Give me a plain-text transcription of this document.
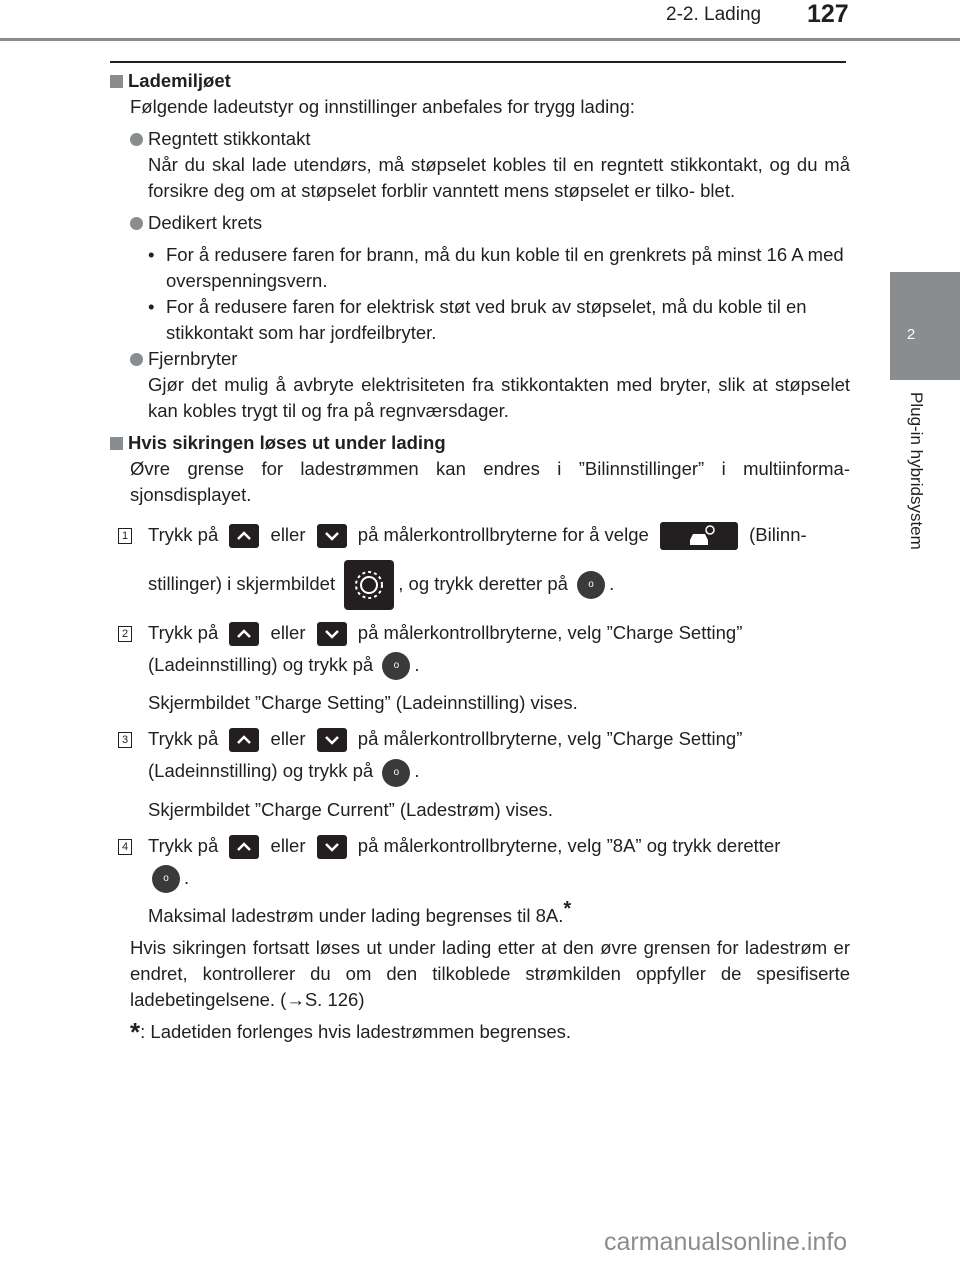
2-2. Lading 127
2
Plug-in hybridsystem
Lademiljøet
Følgende ladeutstyr og innstillinger anbefales for trygg lading:
Regntett stikkontakt
Når du skal lade utendørs, må støpselet kobles til en regntett stikkontakt, og du må forsikre deg om at støpselet forblir vanntett mens støpselet er tilko- blet.
Dedikert krets
• For å redusere faren for brann, må du kun koble til en grenkrets på minst 16 A med overspenningsvern.
• For å redusere faren for elektrisk støt ved bruk av støpselet, må du koble til en stikkontakt som har jordfeilbryter.
Fjernbryter
Gjør det mulig å avbryte elektrisiteten fra stikkontakten med bryter, slik at støpselet kan kobles trygt til og fra på regnværsdager.
Hvis sikringen løses ut under lading
Øvre grense for ladestrømmen kan endres i ”Bilinnstillinger” i multiinforma- sjonsdisplayet.
1 Trykk på	eller	på målerkontrollbryterne for å velge	(Bilinn-
stillinger) i skjermbildet	, og trykk deretter på o .
2 Trykk på	eller	på målerkontrollbryterne, velg ”Charge Setting”
(Ladeinnstilling) og trykk på o .
Skjermbildet ”Charge Setting” (Ladeinnstilling) vises.
3 Trykk på	eller	på målerkontrollbryterne, velg ”Charge Setting”
(Ladeinnstilling) og trykk på o .
Skjermbildet ”Charge Current” (Ladestrøm) vises.
4 Trykk på	eller	på målerkontrollbryterne, velg ”8A” og trykk deretter
o .
Maksimal ladestrøm under lading begrenses til 8A.*
Hvis sikringen fortsatt løses ut under lading etter at den øvre grensen for ladestrøm er endret, kontrollerer du om den tilkoblede strømkilden oppfyller de spesifiserte ladebetingelsene. (→S. 126)
*: Ladetiden forlenges hvis ladestrømmen begrenses.
carmanualsonline.info
